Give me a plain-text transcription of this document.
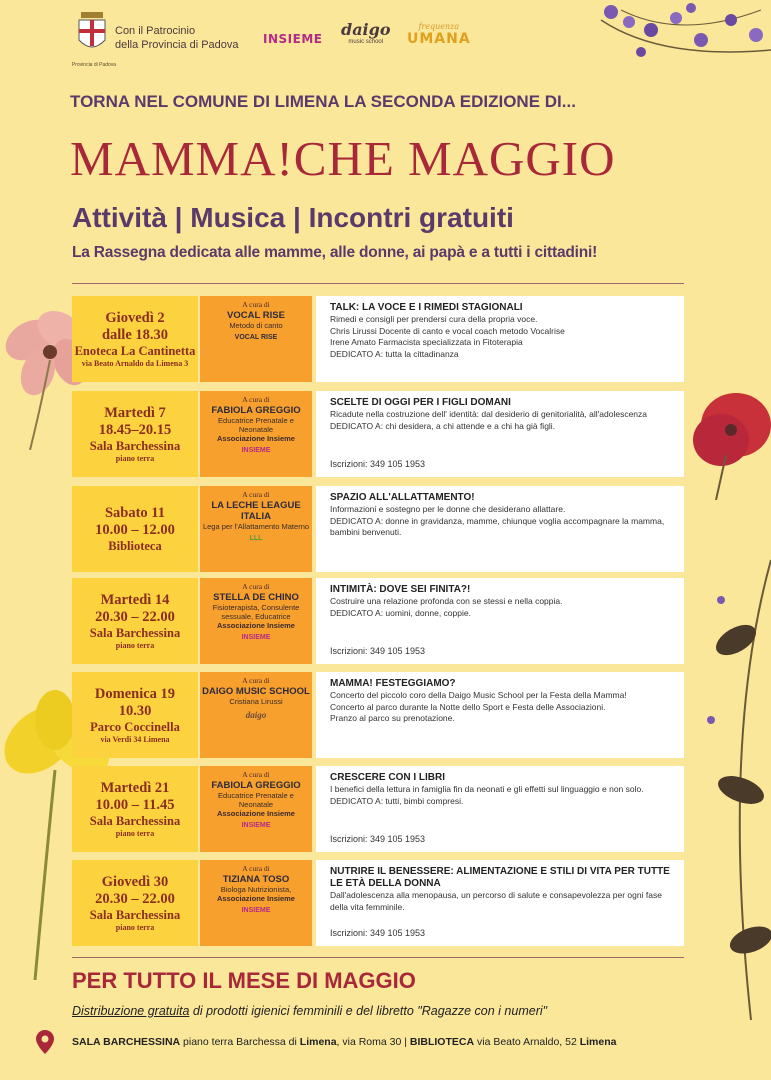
Provincia di Padova
Con il Patrocinio
della Provincia di Padova INSIEME daigo
music school
frequenza
UMANA
TORNA NEL COMUNE DI LIMENA LA SECONDA EDIZIONE DI...
MAMMA!CHE MAGGIO
Attività | Musica | Incontri gratuiti
La Rassegna dedicata alle mamme, alle donne, ai papà e a tutti i cittadini!
Giovedì 2
dalle 18.30
Enoteca La Cantinetta
via Beato Arnaldo da Limena 3
A cura di
VOCAL RISE
Metodo di canto
VOCAL RISE
TALK: LA VOCE E I RIMEDI STAGIONALI

Rimedi e consigli per prendersi cura della propria voce.

Chris Lirussi Docente di canto e vocal coach metodo Vocalrise

Irene Amato Farmacista specializzata in Fitoterapia

DEDICATO A: tutta la cittadinanza

Martedì 7
18.45–20.15
Sala Barchessina
piano terra
A cura di
FABIOLA GREGGIO
Educatrice Prenatale e Neonatale
Associazione Insieme
INSIEME
SCELTE DI OGGI PER I FIGLI DOMANI

Ricadute nella costruzione dell' identità: dal desiderio di genitorialità, all'adolescenza

DEDICATO A: chi desidera, a chi attende e a chi ha già figli.

Iscrizioni: 349 105 1953
Sabato 11
10.00 – 12.00
Biblioteca
A cura di
LA LECHE LEAGUE ITALIA
Lega per l'Allattamento Materno
LLL
SPAZIO ALL'ALLATTAMENTO!

Informazioni e sostegno per le donne che desiderano allattare.

DEDICATO A: donne in gravidanza, mamme, chiunque voglia accompagnare la mamma, bambini benvenuti.

Martedì 14
20.30 – 22.00
Sala Barchessina
piano terra
A cura di
STELLA DE CHINO
Fisioterapista, Consulente sessuale, Educatrice
Associazione Insieme
INSIEME
INTIMITÀ: DOVE SEI FINITA?!

Costruire una relazione profonda con se stessi e nella coppia.

DEDICATO A: uomini, donne, coppie.

Iscrizioni: 349 105 1953
Domenica 19
10.30
Parco Coccinella
via Verdi 34 Limena
A cura di
DAIGO MUSIC SCHOOL
Cristiana Lirussi
daigo
MAMMA! FESTEGGIAMO?

Concerto del piccolo coro della Daigo Music School per la Festa della Mamma!

Concerto al parco durante la Notte dello Sport e Festa delle Associazioni.

Pranzo al parco su prenotazione.

Martedì 21
10.00 – 11.45
Sala Barchessina
piano terra
A cura di
FABIOLA GREGGIO
Educatrice Prenatale e Neonatale
Associazione Insieme
INSIEME
CRESCERE CON I LIBRI

I benefici della lettura in famiglia fin da neonati e gli effetti sul linguaggio e non solo.

DEDICATO A: tutti, bimbi compresi.

Iscrizioni: 349 105 1953
Giovedì 30
20.30 – 22.00
Sala Barchessina
piano terra
A cura di
TIZIANA TOSO
Biologa Nutrizionista,
Associazione Insieme
INSIEME
NUTRIRE IL BENESSERE: ALIMENTAZIONE E STILI DI VITA PER TUTTE LE ETÀ DELLA DONNA

Dall'adolescenza alla menopausa, un percorso di salute e consapevolezza per ogni fase della vita femminile.

Iscrizioni: 349 105 1953
PER TUTTO IL MESE DI MAGGIO
Distribuzione gratuita di prodotti igienici femminili e del libretto "Ragazze con i numeri"
SALA BARCHESSINA piano terra Barchessa di Limena, via Roma 30 | BIBLIOTECA via Beato Arnaldo, 52 Limena
